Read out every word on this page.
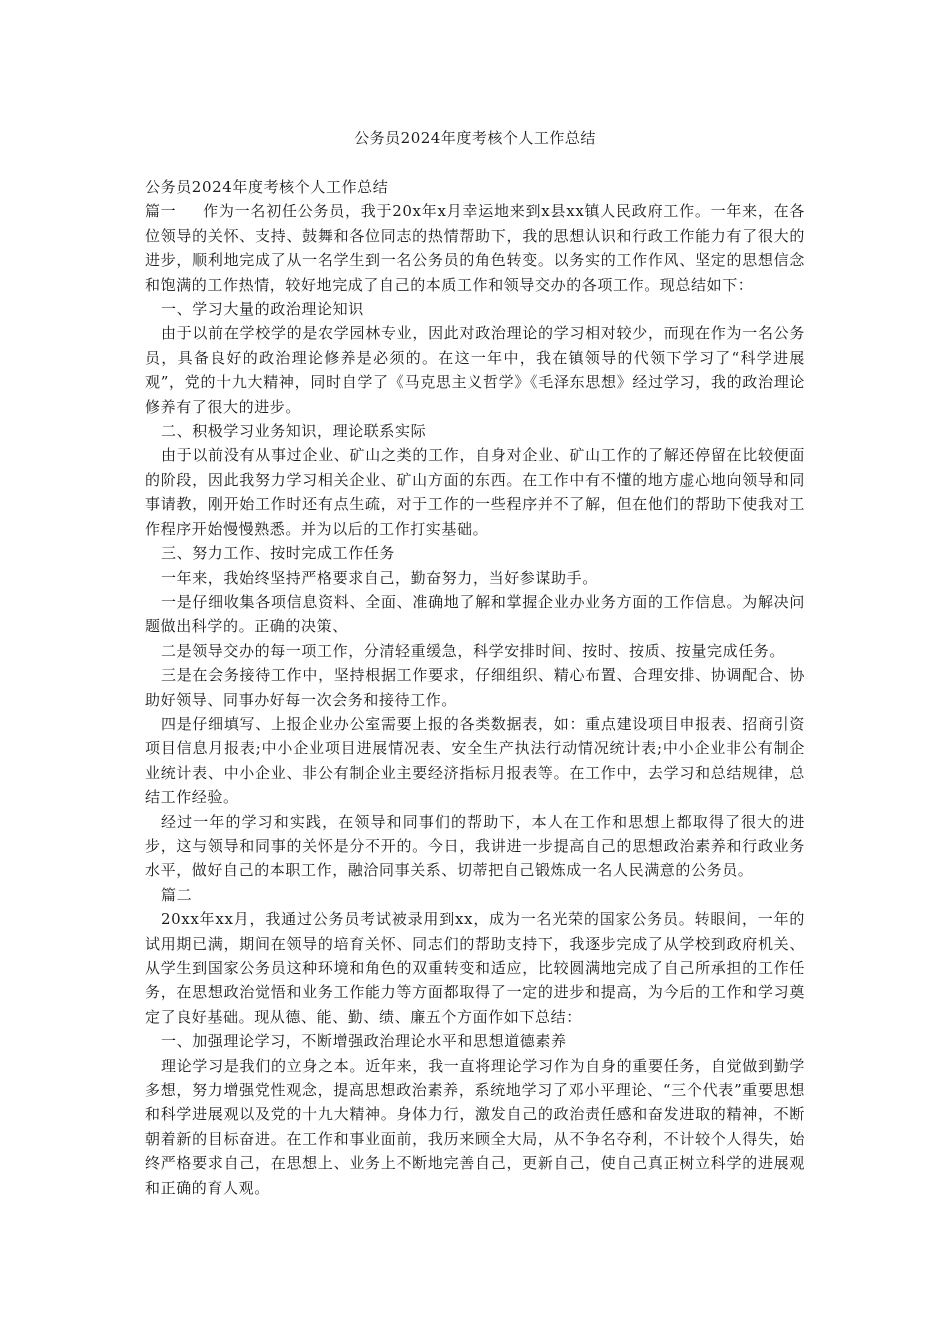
公务员2024年度考核个人工作总结

公务员2024年度考核个人工作总结

篇一 作为一名初任公务员，我于20x年x月幸运地来到x县xx镇人民政府工作。一年来，在各位领导的关怀、支持、鼓舞和各位同志的热情帮助下，我的思想认识和行政工作能力有了很大的进步，顺利地完成了从一名学生到一名公务员的角色转变。以务实的工作作风、坚定的思想信念和饱满的工作热情，较好地完成了自己的本质工作和领导交办的各项工作。现总结如下：

一、学习大量的政治理论知识

由于以前在学校学的是农学园林专业，因此对政治理论的学习相对较少，而现在作为一名公务员，具备良好的政治理论修养是必须的。在这一年中，我在镇领导的代领下学习了“科学进展观”，党的十九大精神，同时自学了《马克思主义哲学》《毛泽东思想》经过学习，我的政治理论修养有了很大的进步。

二、积极学习业务知识，理论联系实际

由于以前没有从事过企业、矿山之类的工作，自身对企业、矿山工作的了解还停留在比较便面的阶段，因此我努力学习相关企业、矿山方面的东西。在工作中有不懂的地方虚心地向领导和同事请教，刚开始工作时还有点生疏，对于工作的一些程序并不了解，但在他们的帮助下使我对工作程序开始慢慢熟悉。并为以后的工作打实基础。

三、努力工作、按时完成工作任务

一年来，我始终坚持严格要求自己，勤奋努力，当好参谋助手。

一是仔细收集各项信息资料、全面、准确地了解和掌握企业办业务方面的工作信息。为解决问题做出科学的。正确的决策、

二是领导交办的每一项工作，分清轻重缓急，科学安排时间、按时、按质、按量完成任务。

三是在会务接待工作中，坚持根据工作要求，仔细组织、精心布置、合理安排、协调配合、协助好领导、同事办好每一次会务和接待工作。

四是仔细填写、上报企业办公室需要上报的各类数据表，如：重点建设项目申报表、招商引资项目信息月报表;中小企业项目进展情况表、安全生产执法行动情况统计表;中小企业非公有制企业统计表、中小企业、非公有制企业主要经济指标月报表等。在工作中，去学习和总结规律，总结工作经验。

经过一年的学习和实践，在领导和同事们的帮助下，本人在工作和思想上都取得了很大的进步，这与领导和同事的关怀是分不开的。今日，我讲进一步提高自己的思想政治素养和行政业务水平，做好自己的本职工作，融洽同事关系、切蒂把自己锻炼成一名人民满意的公务员。

篇二

20xx年xx月，我通过公务员考试被录用到xx，成为一名光荣的国家公务员。转眼间，一年的试用期已满，期间在领导的培育关怀、同志们的帮助支持下，我逐步完成了从学校到政府机关、从学生到国家公务员这种环境和角色的双重转变和适应，比较圆满地完成了自己所承担的工作任务，在思想政治觉悟和业务工作能力等方面都取得了一定的进步和提高，为今后的工作和学习奠定了良好基础。现从德、能、勤、绩、廉五个方面作如下总结：

一、加强理论学习，不断增强政治理论水平和思想道德素养

理论学习是我们的立身之本。近年来，我一直将理论学习作为自身的重要任务，自觉做到勤学多想，努力增强党性观念，提高思想政治素养，系统地学习了邓小平理论、“三个代表”重要思想和科学进展观以及党的十九大精神。身体力行，激发自己的政治责任感和奋发进取的精神，不断朝着新的目标奋进。在工作和事业面前，我历来顾全大局，从不争名夺利，不计较个人得失，始终严格要求自己，在思想上、业务上不断地完善自己，更新自己，使自己真正树立科学的进展观和正确的育人观。
